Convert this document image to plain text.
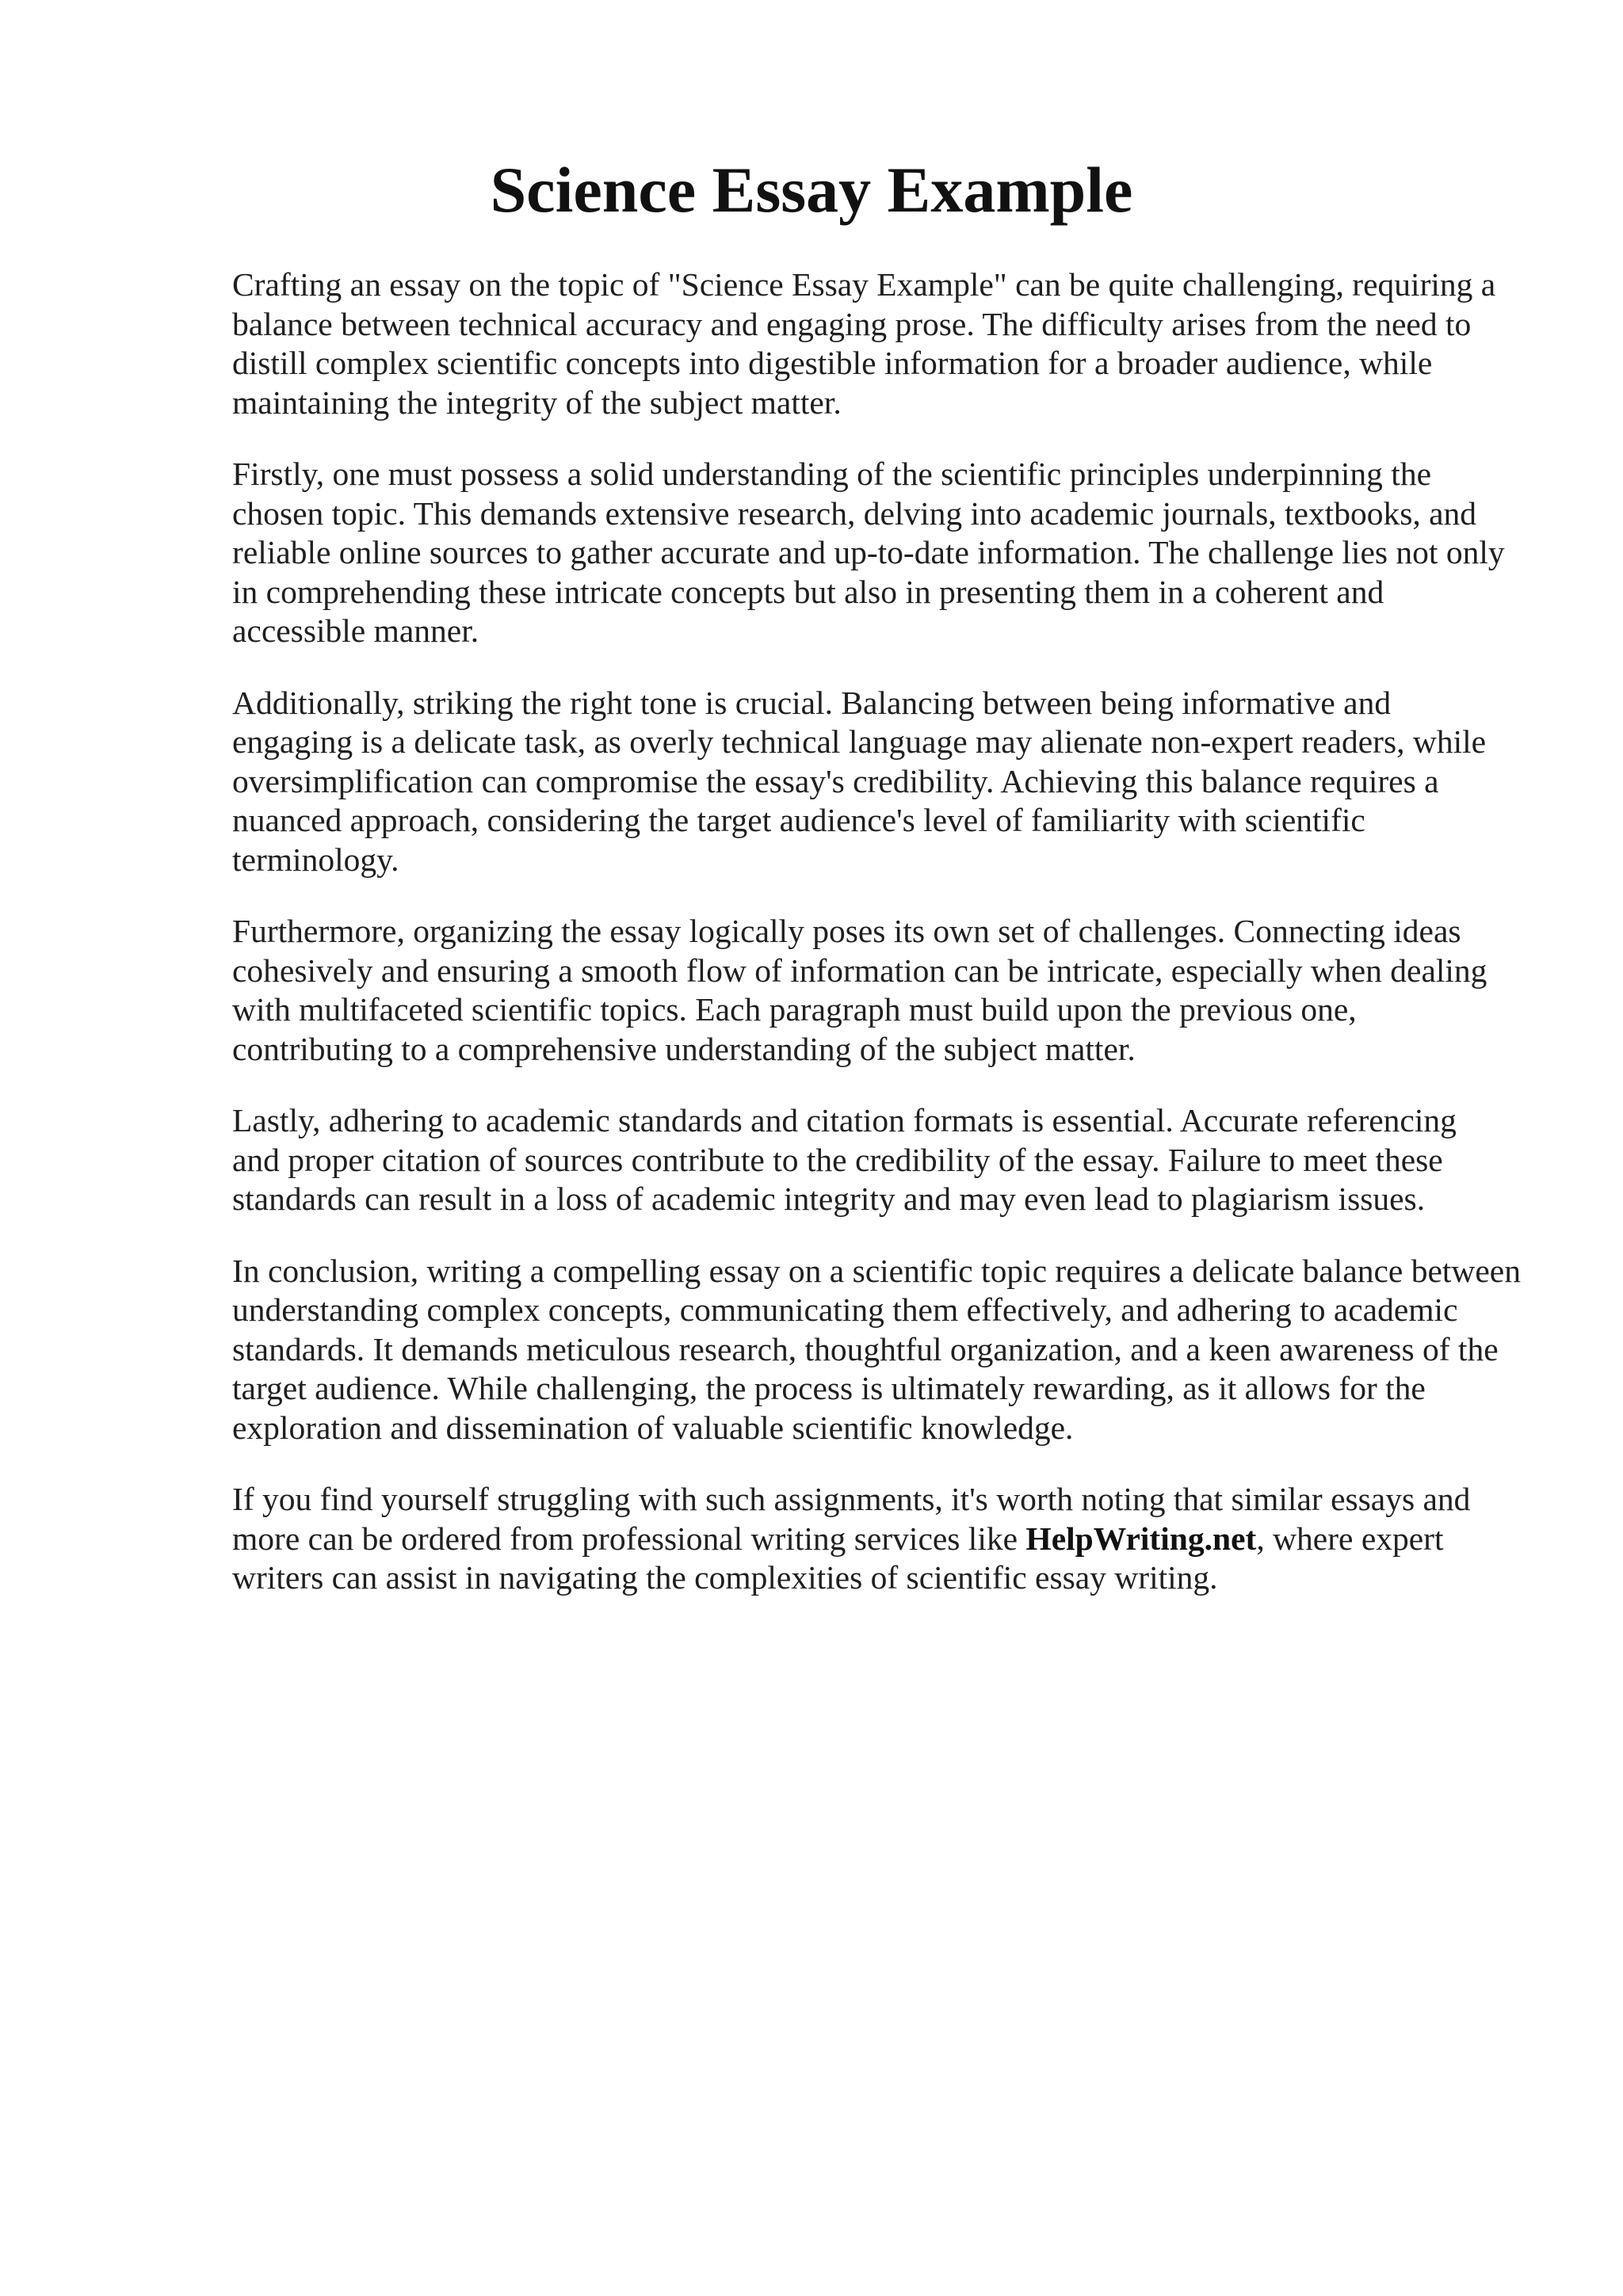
Science Essay Example

Crafting an essay on the topic of "Science Essay Example" can be quite challenging, requiring a
balance between technical accuracy and engaging prose. The difficulty arises from the need to
distill complex scientific concepts into digestible information for a broader audience, while
maintaining the integrity of the subject matter.

Firstly, one must possess a solid understanding of the scientific principles underpinning the
chosen topic. This demands extensive research, delving into academic journals, textbooks, and
reliable online sources to gather accurate and up-to-date information. The challenge lies not only
in comprehending these intricate concepts but also in presenting them in a coherent and
accessible manner.

Additionally, striking the right tone is crucial. Balancing between being informative and
engaging is a delicate task, as overly technical language may alienate non-expert readers, while
oversimplification can compromise the essay's credibility. Achieving this balance requires a
nuanced approach, considering the target audience's level of familiarity with scientific
terminology.

Furthermore, organizing the essay logically poses its own set of challenges. Connecting ideas
cohesively and ensuring a smooth flow of information can be intricate, especially when dealing
with multifaceted scientific topics. Each paragraph must build upon the previous one,
contributing to a comprehensive understanding of the subject matter.

Lastly, adhering to academic standards and citation formats is essential. Accurate referencing
and proper citation of sources contribute to the credibility of the essay. Failure to meet these
standards can result in a loss of academic integrity and may even lead to plagiarism issues.

In conclusion, writing a compelling essay on a scientific topic requires a delicate balance between
understanding complex concepts, communicating them effectively, and adhering to academic
standards. It demands meticulous research, thoughtful organization, and a keen awareness of the
target audience. While challenging, the process is ultimately rewarding, as it allows for the
exploration and dissemination of valuable scientific knowledge.

If you find yourself struggling with such assignments, it's worth noting that similar essays and
more can be ordered from professional writing services like HelpWriting.net, where expert
writers can assist in navigating the complexities of scientific essay writing.
